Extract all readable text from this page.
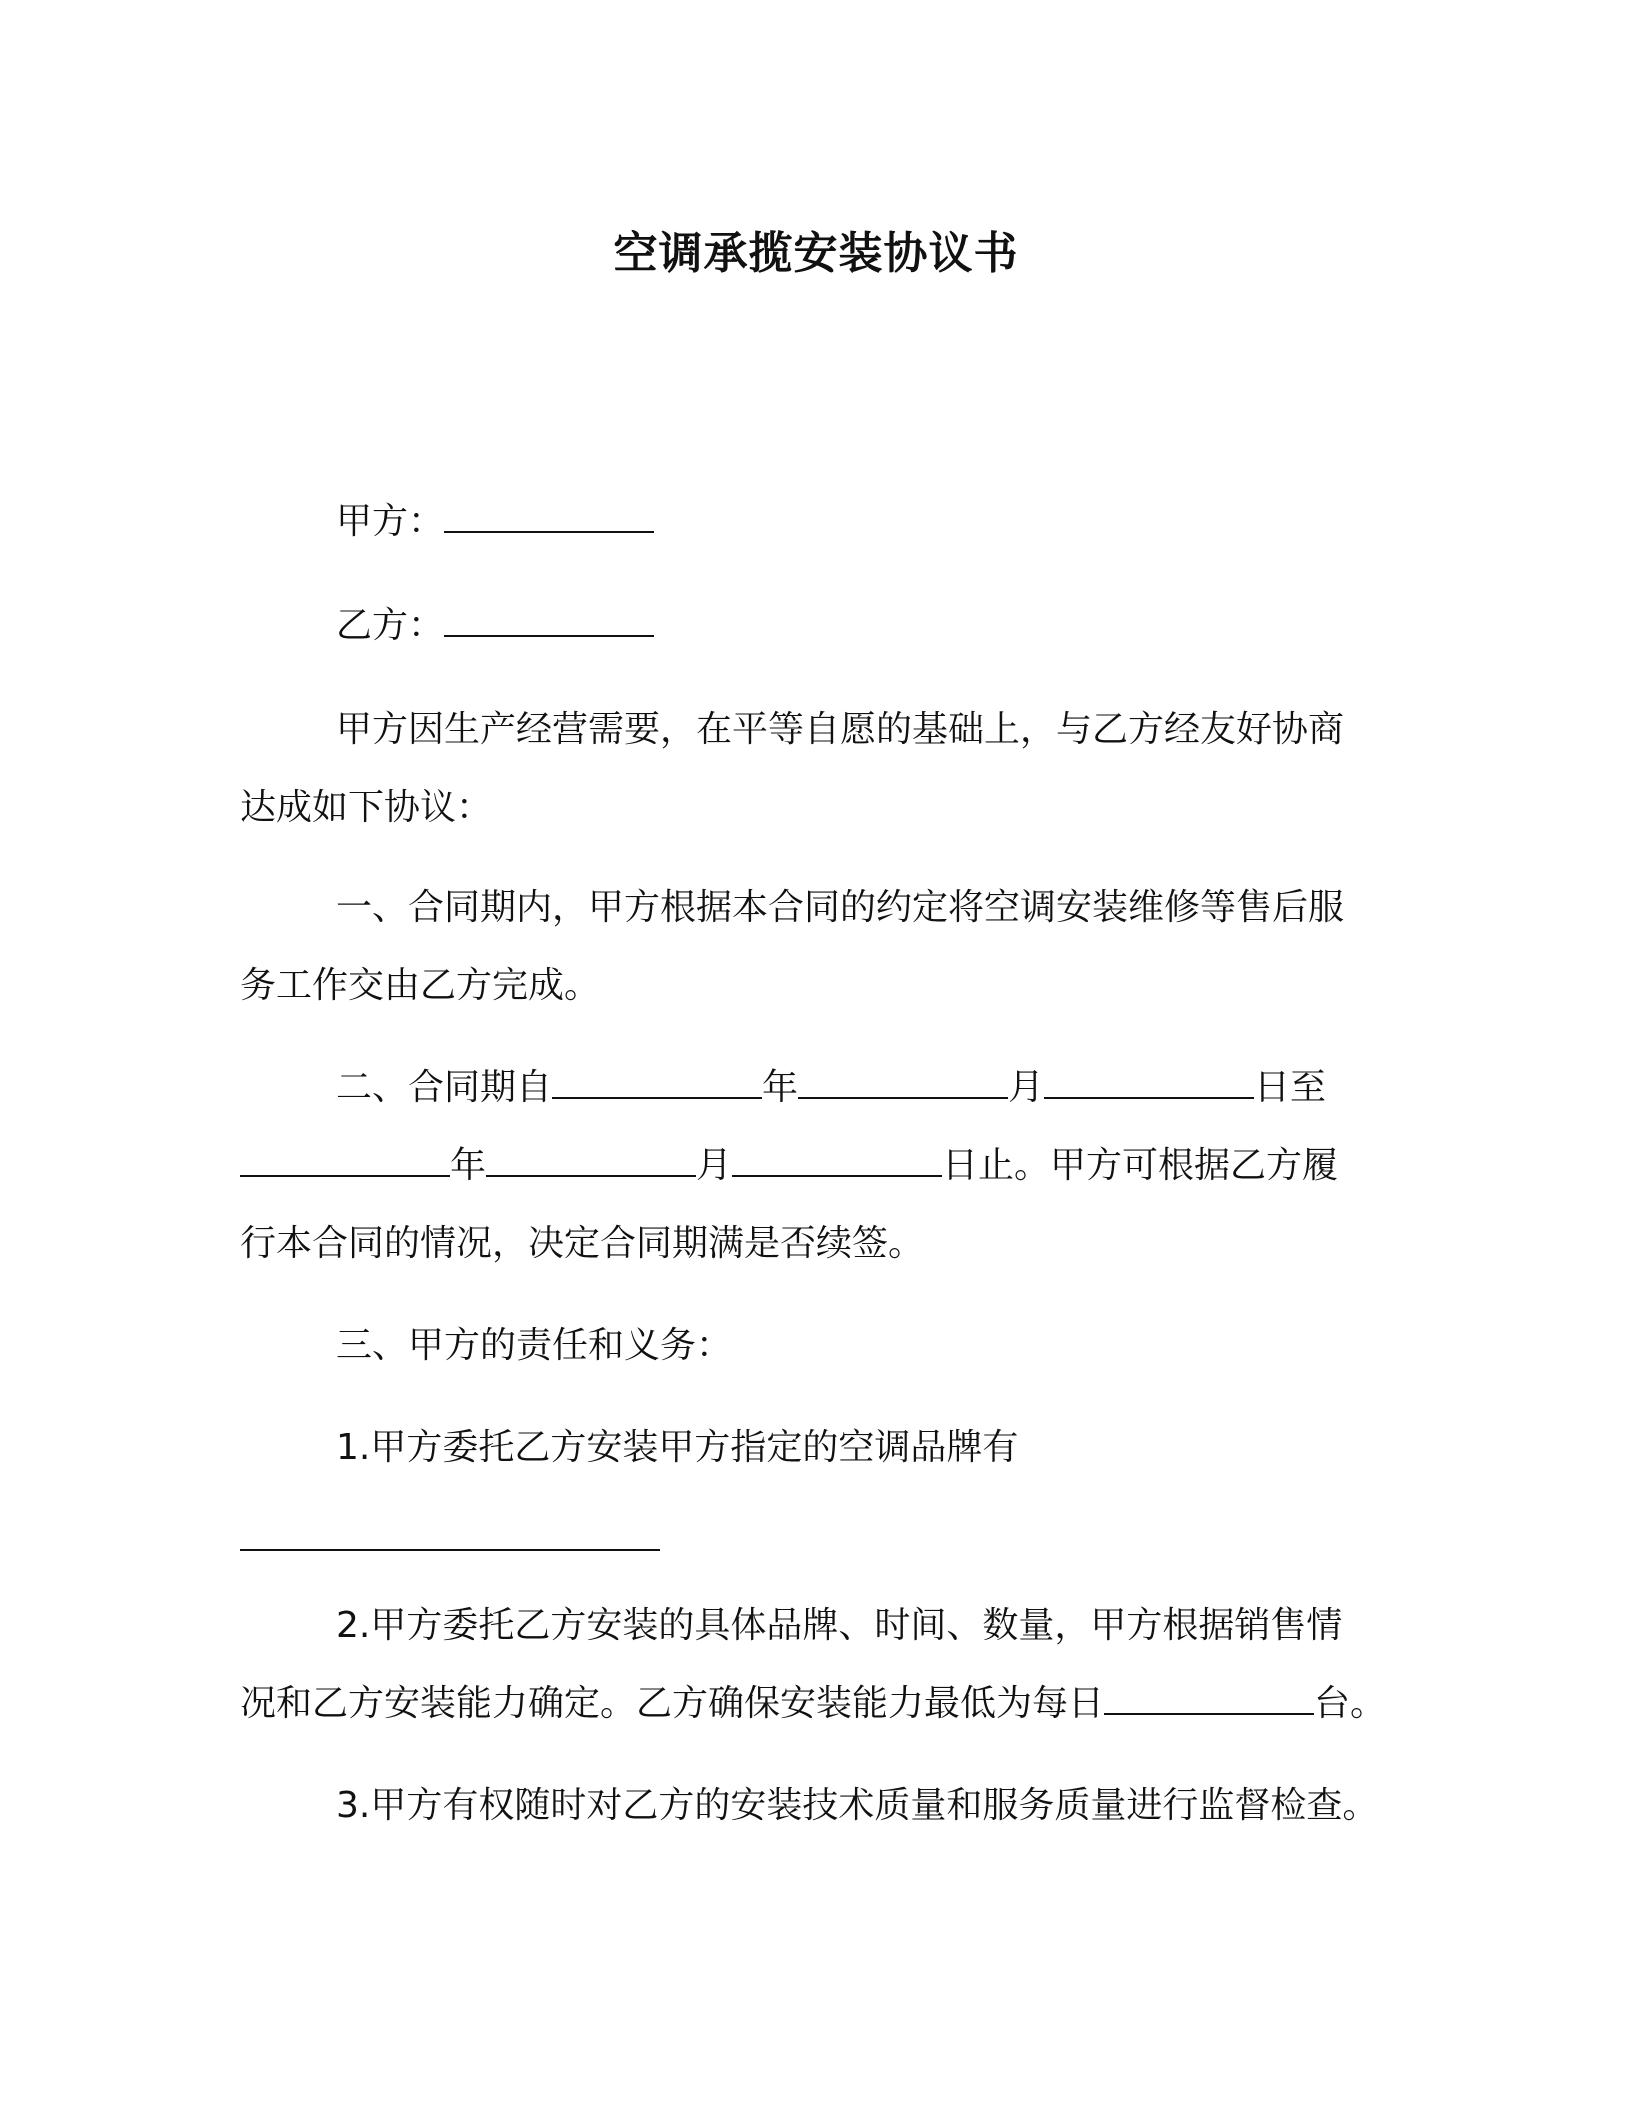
空调承揽安装协议书

甲方：

乙方：

甲方因生产经营需要，在平等自愿的基础上，与乙方经友好协商

达成如下协议：

一、合同期内，甲方根据本合同的约定将空调安装维修等售后服

务工作交由乙方完成。

二、合同期自	年	月	日至

年	月	日止。甲方可根据乙方履

行本合同的情况，决定合同期满是否续签。

三、甲方的责任和义务：

1.甲方委托乙方安装甲方指定的空调品牌有

2.甲方委托乙方安装的具体品牌、时间、数量，甲方根据销售情

况和乙方安装能力确定。乙方确保安装能力最低为每日	台。

3.甲方有权随时对乙方的安装技术质量和服务质量进行监督检查。
